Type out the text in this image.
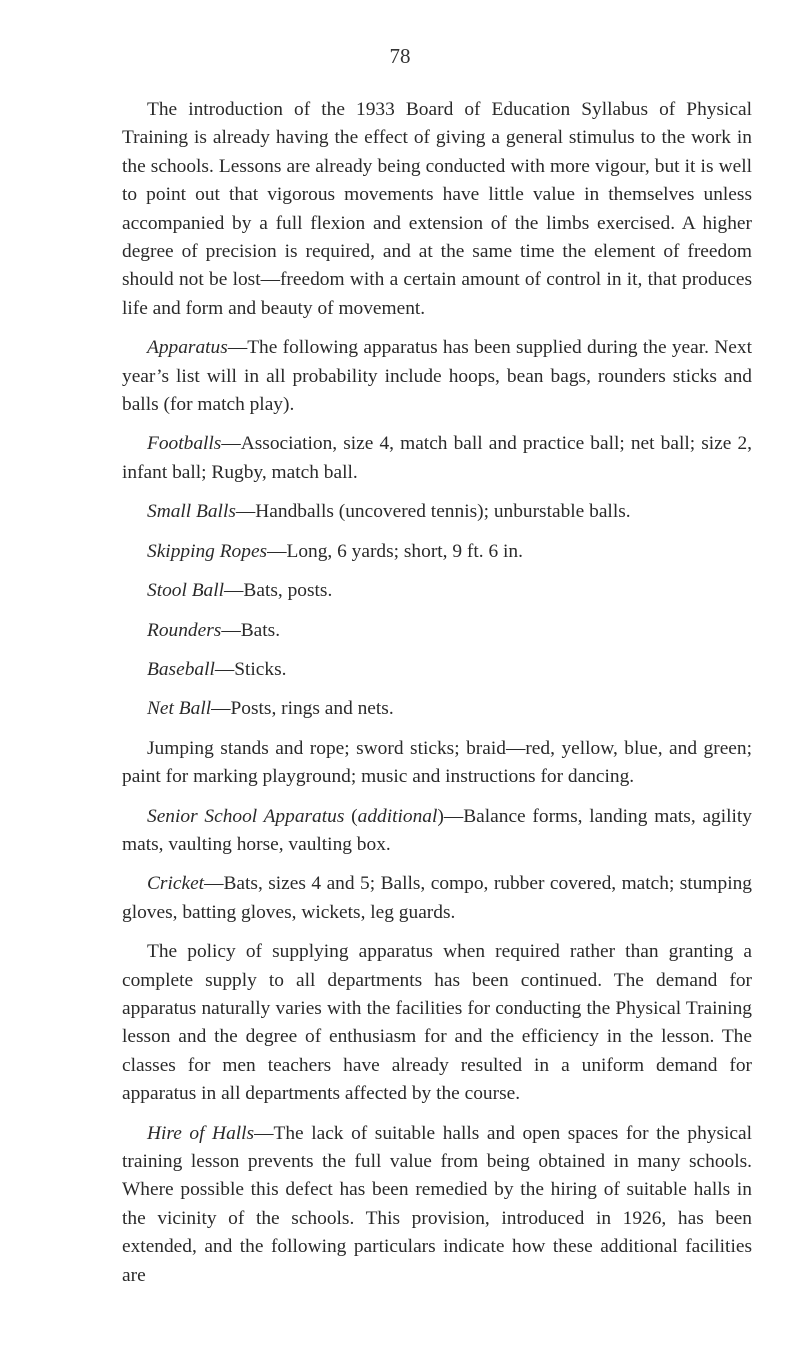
78

The introduction of the 1933 Board of Education Syllabus of Physical Training is already having the effect of giving a general stimulus to the work in the schools. Lessons are already being conducted with more vigour, but it is well to point out that vigorous movements have little value in themselves unless accompanied by a full flexion and extension of the limbs exercised. A higher degree of precision is required, and at the same time the element of freedom should not be lost—freedom with a certain amount of control in it, that produces life and form and beauty of movement.

Apparatus—The following apparatus has been supplied during the year. Next year’s list will in all probability include hoops, bean bags, rounders sticks and balls (for match play).

Footballs—Association, size 4, match ball and practice ball; net ball; size 2, infant ball; Rugby, match ball.

Small Balls—Handballs (uncovered tennis); unburstable balls.

Skipping Ropes—Long, 6 yards; short, 9 ft. 6 in.

Stool Ball—Bats, posts.

Rounders—Bats.

Baseball—Sticks.

Net Ball—Posts, rings and nets.

Jumping stands and rope; sword sticks; braid—red, yellow, blue, and green; paint for marking playground; music and instructions for dancing.

Senior School Apparatus (additional)—Balance forms, landing mats, agility mats, vaulting horse, vaulting box.

Cricket—Bats, sizes 4 and 5; Balls, compo, rubber covered, match; stumping gloves, batting gloves, wickets, leg guards.

The policy of supplying apparatus when required rather than granting a complete supply to all departments has been continued. The demand for apparatus naturally varies with the facilities for conducting the Physical Training lesson and the degree of enthusiasm for and the efficiency in the lesson. The classes for men teachers have already resulted in a uniform demand for apparatus in all departments affected by the course.

Hire of Halls—The lack of suitable halls and open spaces for the physical training lesson prevents the full value from being obtained in many schools. Where possible this defect has been remedied by the hiring of suitable halls in the vicinity of the schools. This provision, introduced in 1926, has been extended, and the following particulars indicate how these additional facilities are
